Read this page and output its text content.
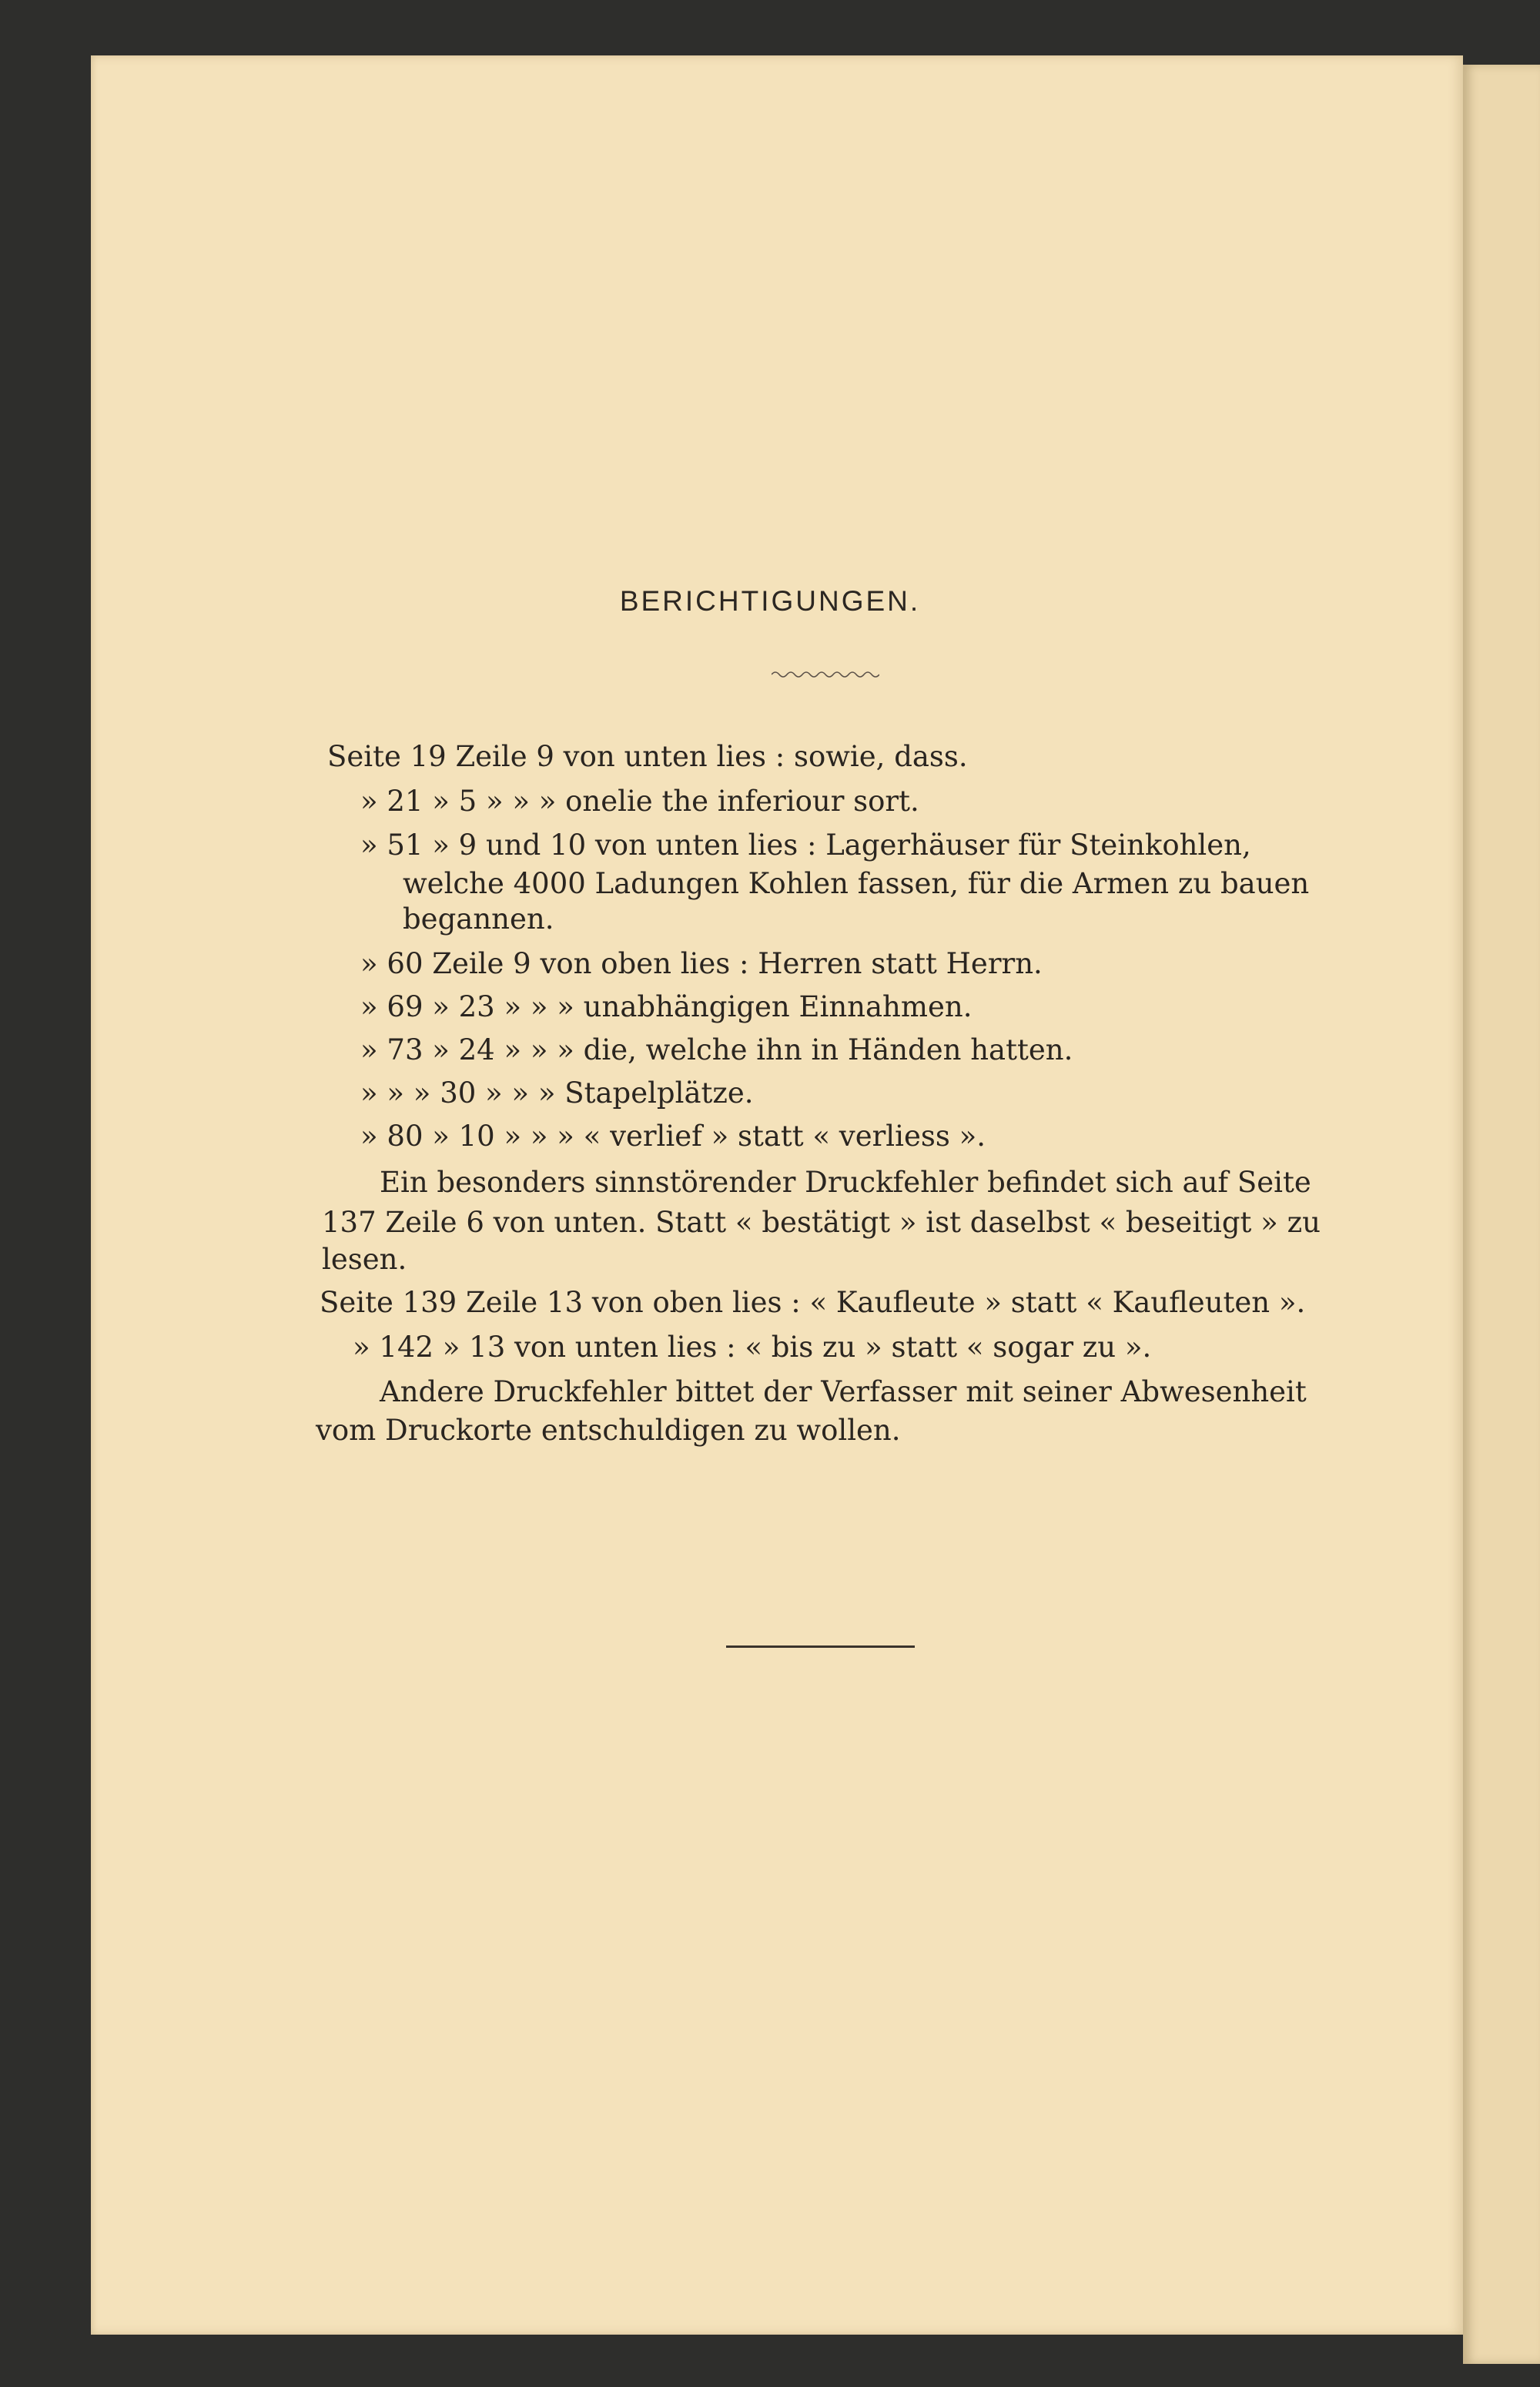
BERICHTIGUNGEN.
Seite 19 Zeile 9 von unten lies : sowie, dass.
» 21 » 5 » » » onelie the inferiour sort.
» 51 » 9 und 10 von unten lies : Lagerhäuser für Steinkohlen,
welche 4000 Ladungen Kohlen fassen, für die Armen zu bauen
begannen.
» 60 Zeile 9 von oben lies : Herren statt Herrn.
» 69 » 23 » » » unabhängigen Einnahmen.
» 73 » 24 » » » die, welche ihn in Händen hatten.
» » » 30 » » » Stapelplätze.
» 80 » 10 » » » « verlief » statt « verliess ».
Ein besonders sinnstörender Druckfehler befindet sich auf Seite
137 Zeile 6 von unten. Statt « bestätigt » ist daselbst « beseitigt » zu
lesen.
Seite 139 Zeile 13 von oben lies : « Kaufleute » statt « Kaufleuten ».
» 142 » 13 von unten lies : « bis zu » statt « sogar zu ».
Andere Druckfehler bittet der Verfasser mit seiner Abwesenheit
vom Druckorte entschuldigen zu wollen.
